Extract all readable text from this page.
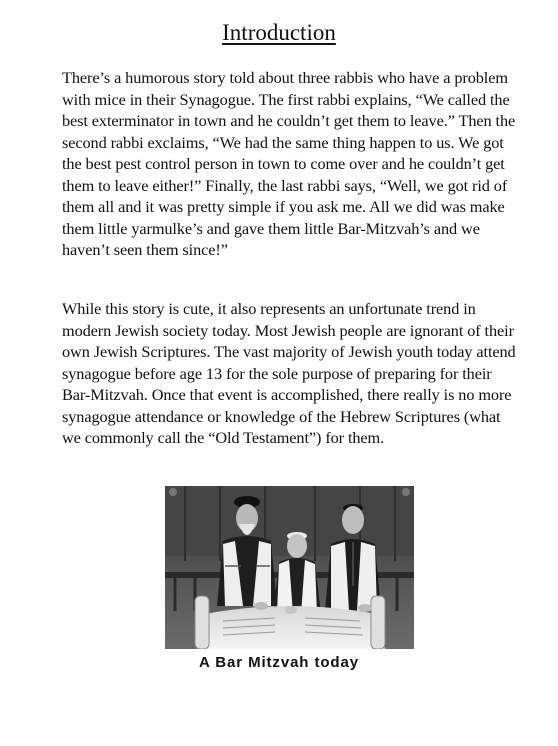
Introduction

There’s a humorous story told about three rabbis who have a problem with mice in their Synagogue. The first rabbi explains, “We called the best exterminator in town and he couldn’t get them to leave.” Then the second rabbi exclaims, “We had the same thing happen to us. We got the best pest control person in town to come over and he couldn’t get them to leave either!” Finally, the last rabbi says, “Well, we got rid of them all and it was pretty simple if you ask me. All we did was make them little yarmulke’s and gave them little Bar-Mitzvah’s and we haven’t seen them since!”

While this story is cute, it also represents an unfortunate trend in modern Jewish society today. Most Jewish people are ignorant of their own Jewish Scriptures. The vast majority of Jewish youth today attend synagogue before age 13 for the sole purpose of preparing for their Bar-Mitzvah. Once that event is accomplished, there really is no more synagogue attendance or knowledge of the Hebrew Scriptures (what we commonly call the “Old Testament”) for them.

A Bar Mitzvah today
